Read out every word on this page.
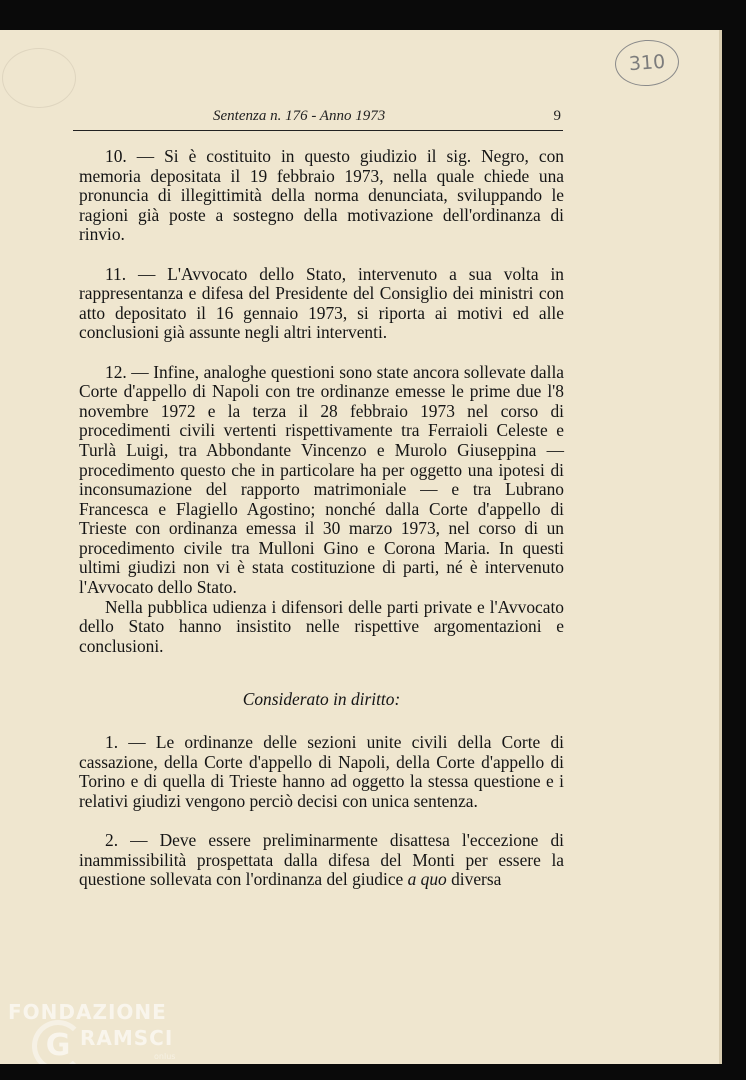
310
Sentenza n. 176 - Anno 1973	9

10. — Si è costituito in questo giudizio il sig. Negro, con memoria depositata il 19 febbraio 1973, nella quale chiede una pronuncia di illegittimità della norma denunciata, sviluppando le ragioni già poste a sostegno della motivazione dell'ordinanza di rinvio.

11. — L'Avvocato dello Stato, intervenuto a sua volta in rappresentanza e difesa del Presidente del Consiglio dei ministri con atto depositato il 16 gennaio 1973, si riporta ai motivi ed alle conclusioni già assunte negli altri interventi.

12. — Infine, analoghe questioni sono state ancora sollevate dalla Corte d'appello di Napoli con tre ordinanze emesse le prime due l'8 novembre 1972 e la terza il 28 febbraio 1973 nel corso di procedimenti civili vertenti rispettivamente tra Ferraioli Celeste e Turlà Luigi, tra Abbondante Vincenzo e Murolo Giuseppina — procedimento questo che in particolare ha per oggetto una ipotesi di inconsumazione del rapporto matrimoniale — e tra Lubrano Francesca e Flagiello Agostino; nonché dalla Corte d'appello di Trieste con ordinanza emessa il 30 marzo 1973, nel corso di un procedimento civile tra Mulloni Gino e Corona Maria. In questi ultimi giudizi non vi è stata costituzione di parti, né è intervenuto l'Avvocato dello Stato.

Nella pubblica udienza i difensori delle parti private e l'Avvocato dello Stato hanno insistito nelle rispettive argomentazioni e conclusioni.

Considerato in diritto:

1. — Le ordinanze delle sezioni unite civili della Corte di cassazione, della Corte d'appello di Napoli, della Corte d'appello di Torino e di quella di Trieste hanno ad oggetto la stessa questione e i relativi giudizi vengono perciò decisi con unica sentenza.

2. — Deve essere preliminarmente disattesa l'eccezione di inammissibilità prospettata dalla difesa del Monti per essere la questione sollevata con l'ordinanza del giudice a quo diversa

FONDAZIONE
G RAMSCI
onlus
